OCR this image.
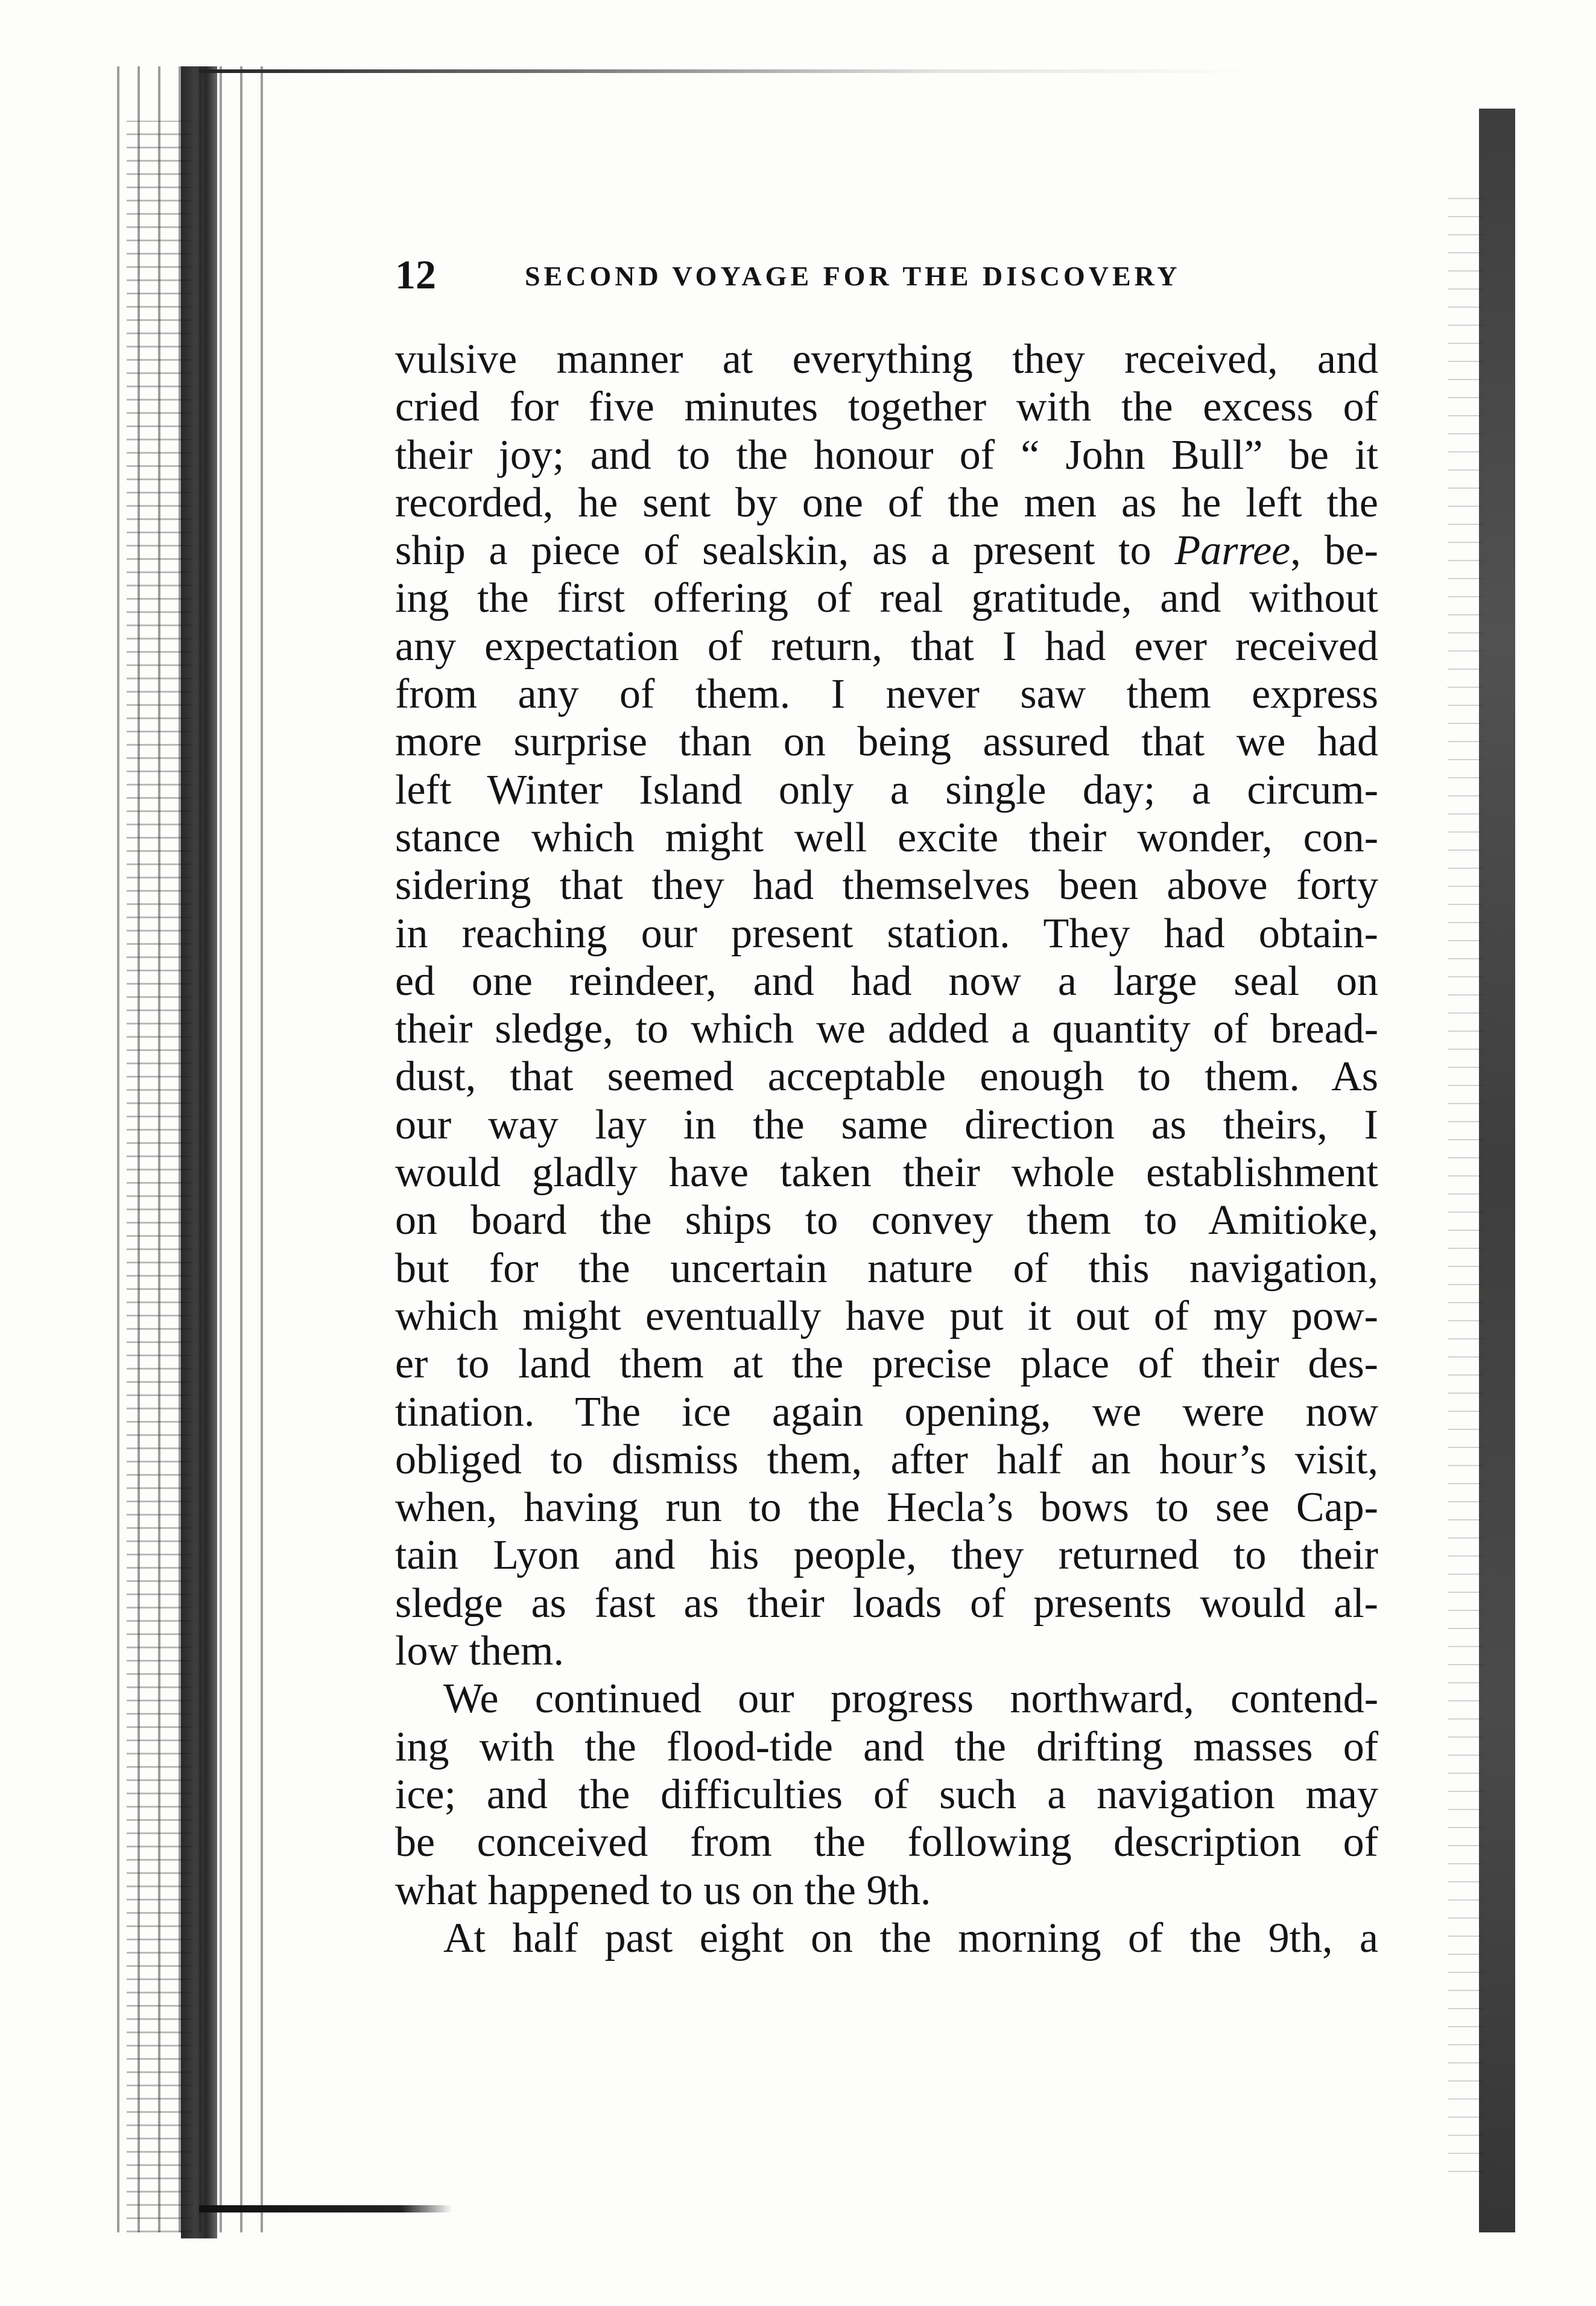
12	SECOND VOYAGE FOR THE DISCOVERY
vulsive manner at everything they received, and
cried for five minutes together with the excess of
their joy; and to the honour of “ John Bull” be it
recorded, he sent by one of the men as he left the
ship a piece of sealskin, as a present to Parree, be-
ing the first offering of real gratitude, and without
any expectation of return, that I had ever received
from any of them. I never saw them express
more surprise than on being assured that we had
left Winter Island only a single day; a circum-
stance which might well excite their wonder, con-
sidering that they had themselves been above forty
in reaching our present station. They had obtain-
ed one reindeer, and had now a large seal on
their sledge, to which we added a quantity of bread-
dust, that seemed acceptable enough to them. As
our way lay in the same direction as theirs, I
would gladly have taken their whole establishment
on board the ships to convey them to Amitioke,
but for the uncertain nature of this navigation,
which might eventually have put it out of my pow-
er to land them at the precise place of their des-
tination. The ice again opening, we were now
obliged to dismiss them, after half an hour’s visit,
when, having run to the Hecla’s bows to see Cap-
tain Lyon and his people, they returned to their
sledge as fast as their loads of presents would al-
low them.
We continued our progress northward, contend-
ing with the flood-tide and the drifting masses of
ice; and the difficulties of such a navigation may
be conceived from the following description of
what happened to us on the 9th.
At half past eight on the morning of the 9th, a
